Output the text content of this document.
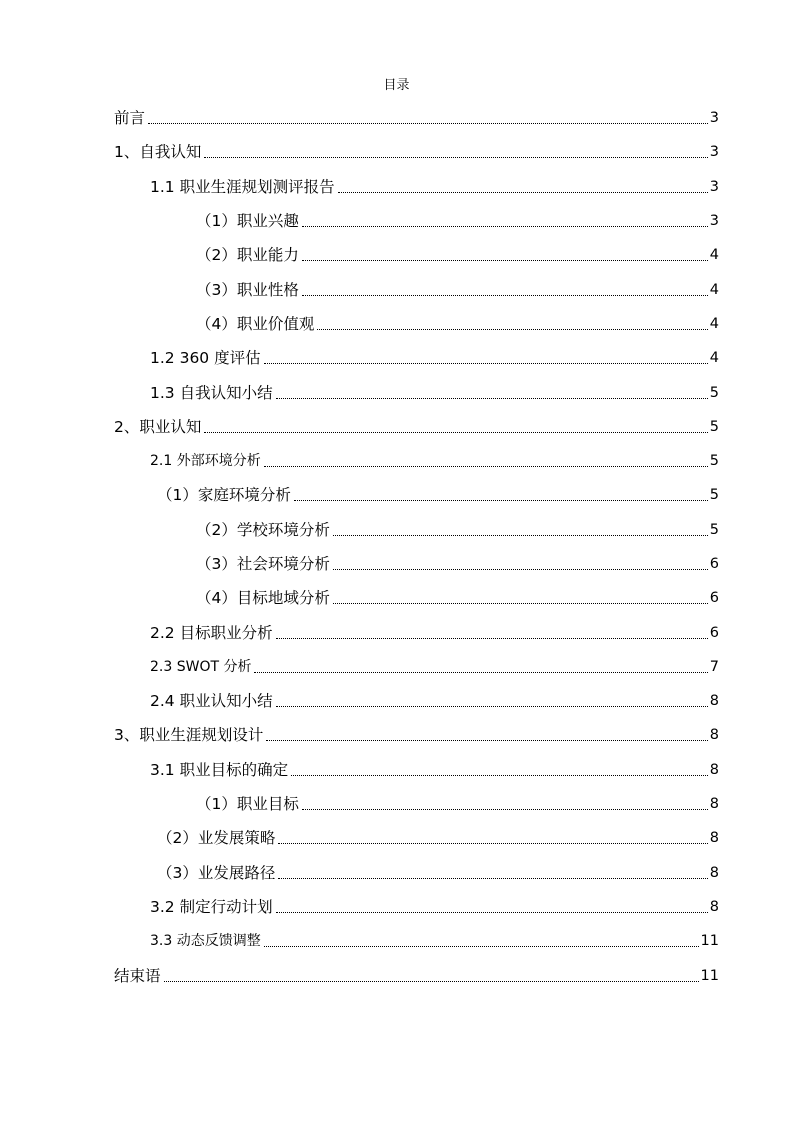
目录
前言	3
1、自我认知	3
1.1 职业生涯规划测评报告	3
（1）职业兴趣	3
（2）职业能力	4
（3）职业性格	4
（4）职业价值观	4
1.2 360 度评估	4
1.3 自我认知小结	5
2、职业认知	5
2.1 外部环境分析	5
（1）家庭环境分析	5
（2）学校环境分析	5
（3）社会环境分析	6
（4）目标地域分析	6
2.2 目标职业分析	6
2.3 SWOT 分析	7
2.4 职业认知小结	8
3、职业生涯规划设计	8
3.1 职业目标的确定	8
（1）职业目标	8
（2）业发展策略	8
（3）业发展路径	8
3.2 制定行动计划	8
3.3 动态反馈调整	11
结束语	11
